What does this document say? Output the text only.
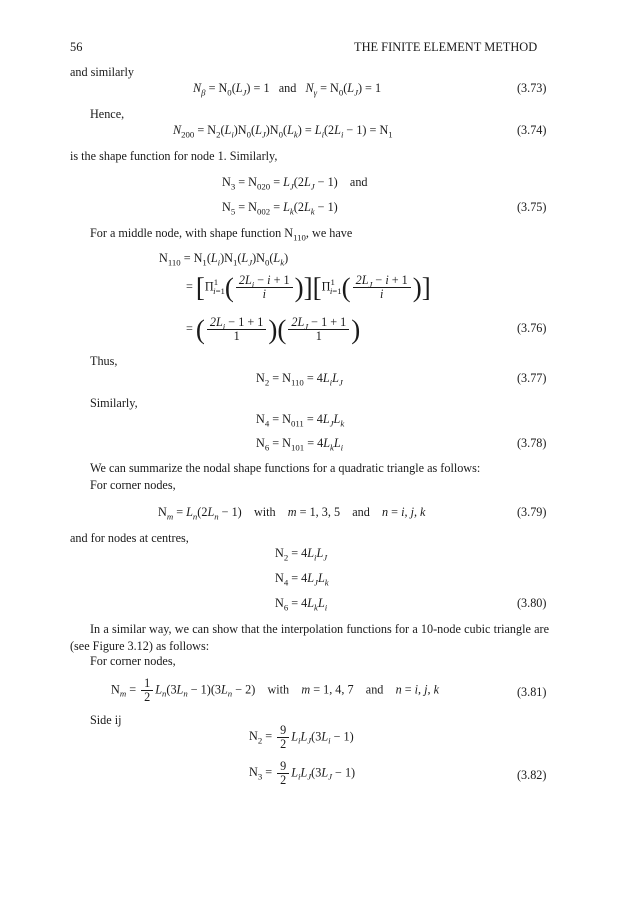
56	THE FINITE ELEMENT METHOD
and similarly
$N_\beta = N_0(L_J) = 1$ and   $N_\gamma = N_0(L_J) = 1$	(3.73)
Hence,
$N_{200} = N_2(L_i)N_0(L_J)N_0(L_k) = L_i(2L_i - 1) = N_1$	(3.74)
is the shape function for node 1. Similarly,
$N_3 = N_{020} = L_J(2L_J - 1)$ and
$N_5 = N_{002} = L_k(2L_k - 1)$	(3.75)
For a middle node, with shape function $N_{110}$, we have
$N_{110} = N_1(L_i)N_1(L_J)N_0(L_k)$
= $[\Pi^1_{i=1}( \frac{2L_i - i + 1}{i} )][\Pi^1_{i=1}( \frac{2L_J - i + 1}{i}$ )]
= ( $\frac{2L_i - 1 + 1}{1}$ )( $\frac{2L_J - 1 + 1}{1}$ )	(3.76)
Thus,
$N_2 = N_{110} = 4L_iL_J$	(3.77)
Similarly,
$N_4 = N_{011} = 4L_JL_k$
$N_6 = N_{101} = 4L_kL_i$	(3.78)
We can summarize the nodal shape functions for a quadratic triangle as follows:
For corner nodes,
$N_m = L_n(2L_n - 1)$ with    m = 1, 3, 5 and    n = i, j, k	(3.79)
and for nodes at centres,
$N_2 = 4L_iL_J$
$N_4 = 4L_JL_k$
$N_6 = 4L_kL_i$	(3.80)
In a similar way, we can show that the interpolation functions for a 10-node cubic triangle are (see Figure 3.12) as follows:
For corner nodes,
$N_m = \frac{1}{2} L_n(3L_n - 1)(3L_n - 2)$ with    m = 1, 4, 7 and    n = i, j, k	(3.81)
Side ij
$N_2 = \frac{9}{2} L_iL_J(3L_i - 1)$
$N_3 = \frac{9}{2} L_iL_J(3L_J - 1)$	(3.82)
